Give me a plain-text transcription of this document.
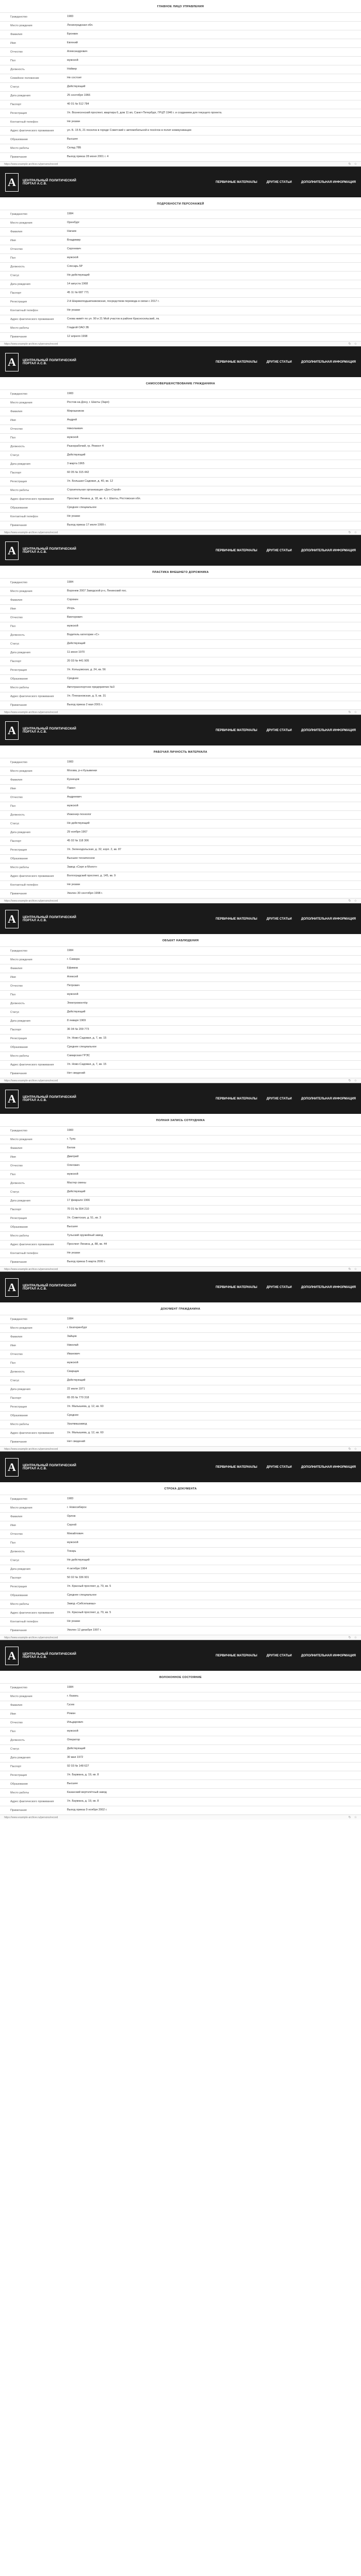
ГЛАВНОЕ ЛИЦО УПРАВЛЕНИЯ
Гражданство	1983
Место рождения	Ленинградская обл.
Фамилия	Бронкин
Имя	Евгений
Отчество	Александрович
Пол	мужской
Должность	Нойвер
Семейное положение	Не состоит
Статус	Действующий
Дата рождения	25 сентября 1966
Паспорт	40 01 № 512 784
Регистрация	Ул. Вознесенский проспект, квартира 6, дом 11 вп, Санкт-Петербург, ГРЦП 1946 г. и созданием для текущего проекта.
Контактный телефон	Не указан
Адрес фактического проживания	ул. Б. 15 Б, 21 поселок в городе Советский с автомобильной и посёлок в полит-коммуникации
Образование	Высшее
Место работы	Склад 78Б
Примечания	Выход приказ 28 июня 2001 г. 4
https://www.example-archive.ru/persons/record	↻ ☆
A	ЦЕНТРАЛЬНЫЙ ПОЛИТИЧЕСКИЙ ПОРТАЛ А.С.В.	ПЕРВИЧНЫЕ МАТЕРИАЛЫ	ДРУГИЕ СТАТЬИ	ДОПОЛНИТЕЛЬНАЯ ИНФОРМАЦИЯ
ПОДРОБНОСТИ ПЕРСОНАЖЕЙ
Гражданство	1984
Место рождения	Оренбург
Фамилия	Нагаев
Имя	Владимир
Отчество	Сергеевич
Пол	мужской
Должность	Слесарь 5Р
Статус	Не действующий
Дата рождения	14 августа 1968
Паспорт	45 11 № 687 771
Регистрация	2-й Шарикоподшипниковская, посредством перевода в связи с 2017 г.
Контактный телефон	Не указан
Адрес фактического проживания	Снова живёт по ул. 90 и 21 Мой участок в районе Красносельский, лк.
Место работы	Гладкой ОАО 3Б
Примечания	12 апреля 1998
https://www.example-archive.ru/persons/record	↻ ☆
A	ЦЕНТРАЛЬНЫЙ ПОЛИТИЧЕСКИЙ ПОРТАЛ А.С.В.	ПЕРВИЧНЫЕ МАТЕРИАЛЫ	ДРУГИЕ СТАТЬИ	ДОПОЛНИТЕЛЬНАЯ ИНФОРМАЦИЯ
САМОСОВЕРШЕНСТВОВАНИЕ ГРАЖДАНИНА
Гражданство	1983
Место рождения	Ростов-на-Дону, г. Шахты (Заря)
Фамилия	Мирошников
Имя	Андрей
Отчество	Николаевич
Пол	мужской
Должность	Разнорабочий, гр. Ремонт 4
Статус	Действующий
Дата рождения	3 марта 1965
Паспорт	60 05 № 315 442
Регистрация	Ул. Большая Садовая, д. 40, кв. 12
Место работы	Строительная организация «Дон-Строй»
Адрес фактического проживания	Проспект Ленина, д. 18, кв. 4, г. Шахты, Ростовская обл.
Образование	Среднее специальное
Контактный телефон	Не указан
Примечания	Выход приказ 17 июля 1999 г.
https://www.example-archive.ru/persons/record	↻ ☆
A	ЦЕНТРАЛЬНЫЙ ПОЛИТИЧЕСКИЙ ПОРТАЛ А.С.В.	ПЕРВИЧНЫЕ МАТЕРИАЛЫ	ДРУГИЕ СТАТЬИ	ДОПОЛНИТЕЛЬНАЯ ИНФОРМАЦИЯ
ПЛАСТИКА ВНЕШНЕГО ДОРОЖНИКА
Гражданство	1984
Место рождения	Воронеж 2007 Заводской р-н, Ленинский пос.
Фамилия	Сорокин
Имя	Игорь
Отчество	Викторович
Пол	мужской
Должность	Водитель категории «С»
Статус	Действующий
Дата рождения	11 июня 1970
Паспорт	20 03 № 441 905
Регистрация	Ул. Кольцовская, д. 24, кв. 56
Образование	Среднее
Место работы	Автотранспортное предприятие №3
Адрес фактического проживания	Ул. Плехановская, д. 9, кв. 31
Примечания	Выход приказ 2 мая 2001 г.
https://www.example-archive.ru/persons/record	↻ ☆
A	ЦЕНТРАЛЬНЫЙ ПОЛИТИЧЕСКИЙ ПОРТАЛ А.С.В.	ПЕРВИЧНЫЕ МАТЕРИАЛЫ	ДРУГИЕ СТАТЬИ	ДОПОЛНИТЕЛЬНАЯ ИНФОРМАЦИЯ
РАБОЧАЯ ЛИЧНОСТЬ МАТЕРИАЛА
Гражданство	1983
Место рождения	Москва, р-н Кузьминки
Фамилия	Кузнецов
Имя	Павел
Отчество	Андреевич
Пол	мужской
Должность	Инженер-технолог
Статус	Не действующий
Дата рождения	29 ноября 1967
Паспорт	45 02 № 118 306
Регистрация	Ул. Зеленодольская, д. 32, корп. 2, кв. 87
Образование	Высшее техническое
Место работы	Завод «Серп и Молот»
Адрес фактического проживания	Волгоградский проспект, д. 145, кв. 9
Контактный телефон	Не указан
Примечания	Уволен 30 сентября 1998 г.
https://www.example-archive.ru/persons/record	↻ ☆
A	ЦЕНТРАЛЬНЫЙ ПОЛИТИЧЕСКИЙ ПОРТАЛ А.С.В.	ПЕРВИЧНЫЕ МАТЕРИАЛЫ	ДРУГИЕ СТАТЬИ	ДОПОЛНИТЕЛЬНАЯ ИНФОРМАЦИЯ
ОБЪЕКТ НАБЛЮДЕНИЯ
Гражданство	1984
Место рождения	г. Самара
Фамилия	Ефимов
Имя	Алексей
Отчество	Петрович
Пол	мужской
Должность	Электромонтёр
Статус	Действующий
Дата рождения	8 января 1969
Паспорт	36 04 № 209 773
Регистрация	Ул. Ново-Садовая, д. 7, кв. 15
Образование	Среднее специальное
Место работы	Самарская ГРЭС
Адрес фактического проживания	Ул. Ново-Садовая, д. 7, кв. 15
Примечания	Нет сведений
https://www.example-archive.ru/persons/record	↻ ☆
A	ЦЕНТРАЛЬНЫЙ ПОЛИТИЧЕСКИЙ ПОРТАЛ А.С.В.	ПЕРВИЧНЫЕ МАТЕРИАЛЫ	ДРУГИЕ СТАТЬИ	ДОПОЛНИТЕЛЬНАЯ ИНФОРМАЦИЯ
ПОЛНАЯ ЗАПИСЬ СОТРУДНИКА
Гражданство	1983
Место рождения	г. Тула
Фамилия	Белов
Имя	Дмитрий
Отчество	Олегович
Пол	мужской
Должность	Мастер смены
Статус	Действующий
Дата рождения	17 февраля 1966
Паспорт	70 01 № 554 210
Регистрация	Ул. Советская, д. 51, кв. 3
Образование	Высшее
Место работы	Тульский оружейный завод
Адрес фактического проживания	Проспект Ленина, д. 88, кв. 44
Контактный телефон	Не указан
Примечания	Выход приказ 5 марта 2000 г.
https://www.example-archive.ru/persons/record	↻ ☆
A	ЦЕНТРАЛЬНЫЙ ПОЛИТИЧЕСКИЙ ПОРТАЛ А.С.В.	ПЕРВИЧНЫЕ МАТЕРИАЛЫ	ДРУГИЕ СТАТЬИ	ДОПОЛНИТЕЛЬНАЯ ИНФОРМАЦИЯ
ДОКУМЕНТ ГРАЖДАНИНА
Гражданство	1984
Место рождения	г. Екатеринбург
Фамилия	Зайцев
Имя	Николай
Отчество	Иванович
Пол	мужской
Должность	Сварщик
Статус	Действующий
Дата рождения	22 июля 1971
Паспорт	65 05 № 770 318
Регистрация	Ул. Малышева, д. 12, кв. 60
Образование	Среднее
Место работы	Уралмашзавод
Адрес фактического проживания	Ул. Малышева, д. 12, кв. 60
Примечания	Нет сведений
https://www.example-archive.ru/persons/record	↻ ☆
A	ЦЕНТРАЛЬНЫЙ ПОЛИТИЧЕСКИЙ ПОРТАЛ А.С.В.	ПЕРВИЧНЫЕ МАТЕРИАЛЫ	ДРУГИЕ СТАТЬИ	ДОПОЛНИТЕЛЬНАЯ ИНФОРМАЦИЯ
СТРОКА ДОКУМЕНТА
Гражданство	1983
Место рождения	г. Новосибирск
Фамилия	Орлов
Имя	Сергей
Отчество	Михайлович
Пол	мужской
Должность	Токарь
Статус	Не действующий
Дата рождения	4 октября 1964
Паспорт	50 02 № 336 901
Регистрация	Ул. Красный проспект, д. 70, кв. 5
Образование	Среднее специальное
Место работы	Завод «Сибсельмаш»
Адрес фактического проживания	Ул. Красный проспект, д. 70, кв. 5
Контактный телефон	Не указан
Примечания	Уволен 12 декабря 1997 г.
https://www.example-archive.ru/persons/record	↻ ☆
A	ЦЕНТРАЛЬНЫЙ ПОЛИТИЧЕСКИЙ ПОРТАЛ А.С.В.	ПЕРВИЧНЫЕ МАТЕРИАЛЫ	ДРУГИЕ СТАТЬИ	ДОПОЛНИТЕЛЬНАЯ ИНФОРМАЦИЯ
ВОЛОКОННОЕ СОСТОЯНИЕ
Гражданство	1984
Место рождения	г. Казань
Фамилия	Гусев
Имя	Роман
Отчество	Ильдарович
Пол	мужской
Должность	Оператор
Статус	Действующий
Дата рождения	30 мая 1972
Паспорт	92 03 № 148 627
Регистрация	Ул. Баумана, д. 19, кв. 8
Образование	Высшее
Место работы	Казанский вертолётный завод
Адрес фактического проживания	Ул. Баумана, д. 19, кв. 8
Примечания	Выход приказ 9 ноября 2002 г.
https://www.example-archive.ru/persons/record	↻ ☆
